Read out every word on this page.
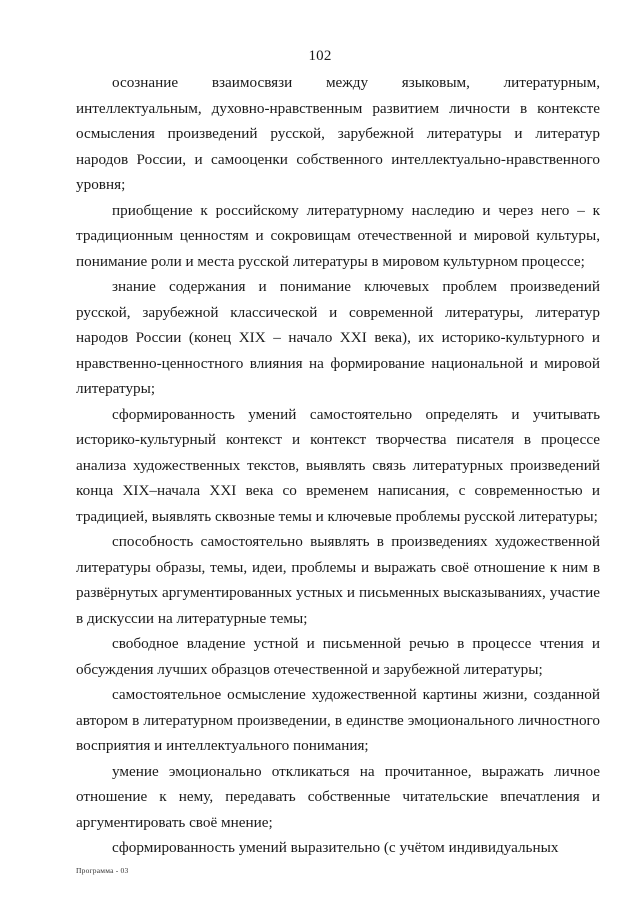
102

осознание взаимосвязи между языковым, литературным, интеллектуальным, духовно-нравственным развитием личности в контексте осмысления произведений русской, зарубежной литературы и литератур народов России, и самооценки собственного интеллектуально-нравственного уровня;

приобщение к российскому литературному наследию и через него – к традиционным ценностям и сокровищам отечественной и мировой культуры, понимание роли и места русской литературы в мировом культурном процессе;

знание содержания и понимание ключевых проблем произведений русской, зарубежной классической и современной литературы, литератур народов России (конец XIX – начало XXI века), их историко-культурного и нравственно-ценностного влияния на формирование национальной и мировой литературы;

сформированность умений самостоятельно определять и учитывать историко-культурный контекст и контекст творчества писателя в процессе анализа художественных текстов, выявлять связь литературных произведений конца XIX–начала XXI века со временем написания, с современностью и традицией, выявлять сквозные темы и ключевые проблемы русской литературы;

способность самостоятельно выявлять в произведениях художественной литературы образы, темы, идеи, проблемы и выражать своё отношение к ним в развёрнутых аргументированных устных и письменных высказываниях, участие в дискуссии на литературные темы;

свободное владение устной и письменной речью в процессе чтения и обсуждения лучших образцов отечественной и зарубежной литературы;

самостоятельное осмысление художественной картины жизни, созданной автором в литературном произведении, в единстве эмоционального личностного восприятия и интеллектуального понимания;

умение эмоционально откликаться на прочитанное, выражать личное отношение к нему, передавать собственные читательские впечатления и аргументировать своё мнение;

сформированность умений выразительно (с учётом индивидуальных

Программа - 03
